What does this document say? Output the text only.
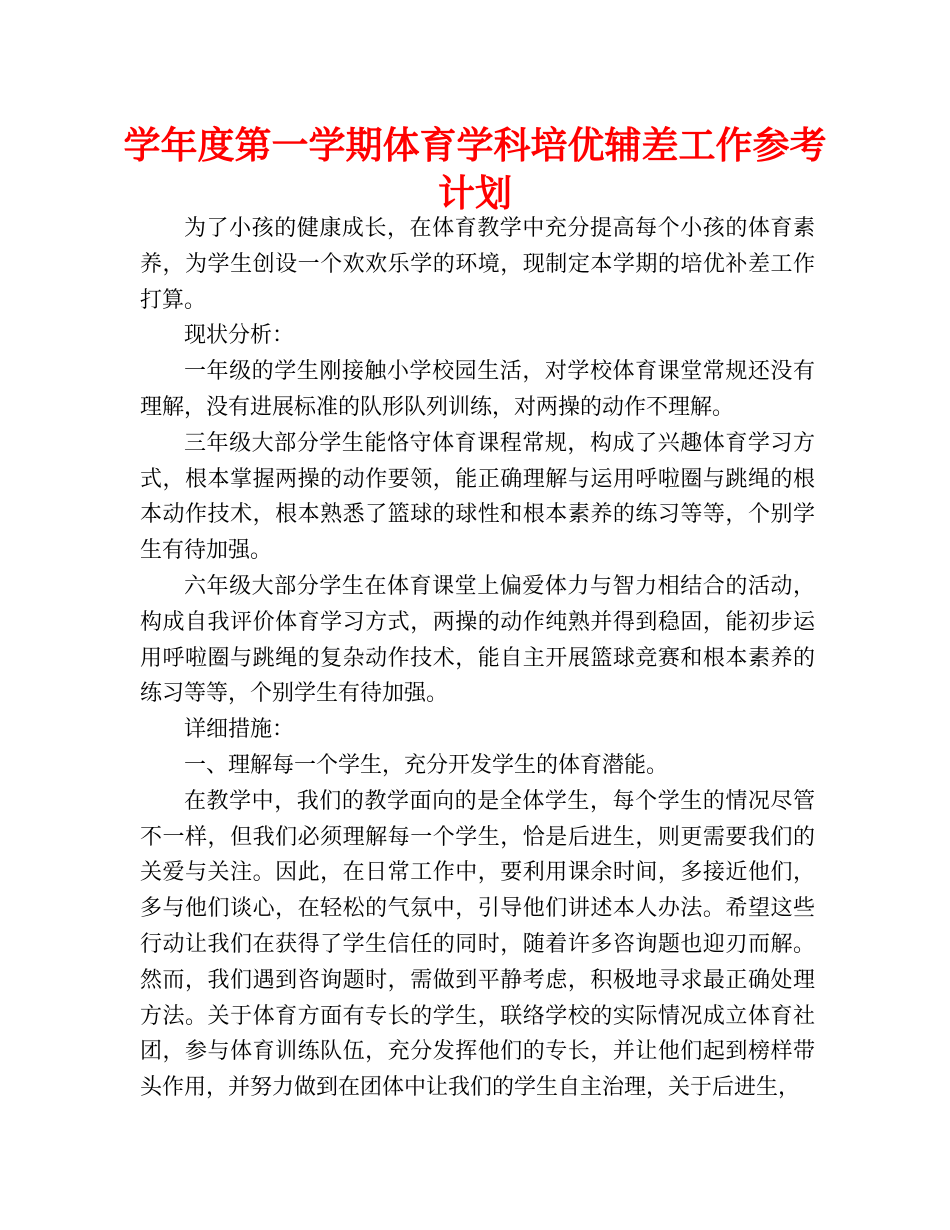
学年度第一学期体育学科培优辅差工作参考计划

为了小孩的健康成长，在体育教学中充分提高每个小孩的体育素养，为学生创设一个欢欢乐学的环境，现制定本学期的培优补差工作打算。

现状分析：

一年级的学生刚接触小学校园生活，对学校体育课堂常规还没有理解，没有进展标准的队形队列训练，对两操的动作不理解。

三年级大部分学生能恪守体育课程常规，构成了兴趣体育学习方式，根本掌握两操的动作要领，能正确理解与运用呼啦圈与跳绳的根本动作技术，根本熟悉了篮球的球性和根本素养的练习等等，个别学生有待加强。

六年级大部分学生在体育课堂上偏爱体力与智力相结合的活动，构成自我评价体育学习方式，两操的动作纯熟并得到稳固，能初步运用呼啦圈与跳绳的复杂动作技术，能自主开展篮球竞赛和根本素养的练习等等，个别学生有待加强。

详细措施：

一、理解每一个学生，充分开发学生的体育潜能。

在教学中，我们的教学面向的是全体学生，每个学生的情况尽管不一样，但我们必须理解每一个学生，恰是后进生，则更需要我们的关爱与关注。因此，在日常工作中，要利用课余时间，多接近他们，多与他们谈心，在轻松的气氛中，引导他们讲述本人办法。希望这些行动让我们在获得了学生信任的同时，随着许多咨询题也迎刃而解。然而，我们遇到咨询题时，需做到平静考虑，积极地寻求最正确处理方法。关于体育方面有专长的学生，联络学校的实际情况成立体育社团，参与体育训练队伍，充分发挥他们的专长，并让他们起到榜样带头作用，并努力做到在团体中让我们的学生自主治理，关于后进生，
